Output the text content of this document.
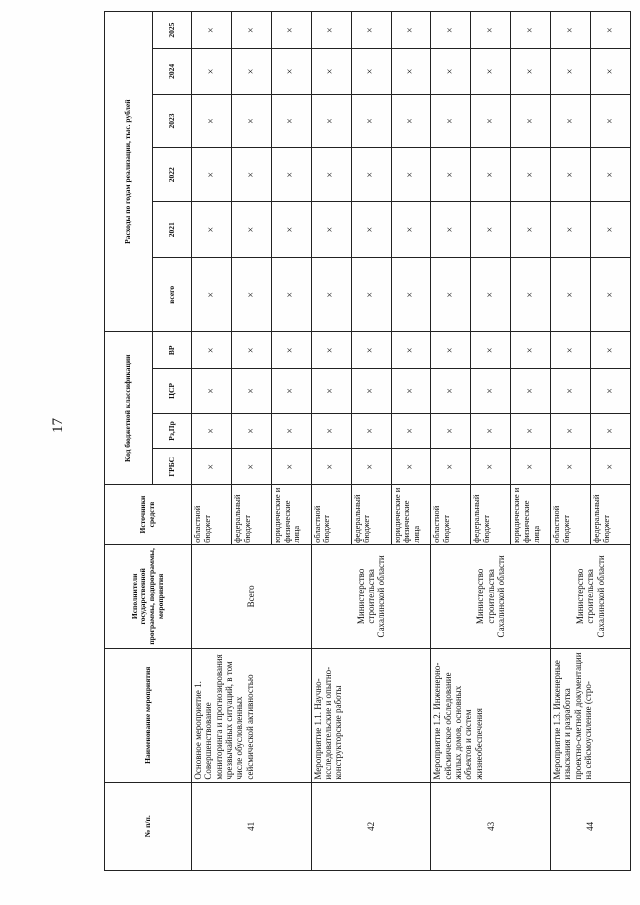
17
№ п/п.	Наименование мероприятия	Исполнители государственной программы, подпрограммы, мероприятия	Источники средств	Код бюджетной классификации				Расходы по годам реализации, тыс. рублей					
				ГРБС	Рз,Пр	ЦСР	ВР	всего	2021	2022	2023	2024	2025
41	Основное мероприятие 1. Совершенствование мониторинга и прогнозирования чрезвычайных ситуаций, в том числе обусловленных сейсмической активностью	Всего	областной бюджет	×	×	×	×	×	×	×	×	×	×
			федеральный бюджет	×	×	×	×	×	×	×	×	×	×
			юридические и физические лица	×	×	×	×	×	×	×	×	×	×
42	Мероприятие 1.1. Научно-исследовательские и опытно-конструкторские работы	Министерство строительства Сахалинской области	областной бюджет	×	×	×	×	×	×	×	×	×	×
			федеральный бюджет	×	×	×	×	×	×	×	×	×	×
			юридические и физические лица	×	×	×	×	×	×	×	×	×	×
43	Мероприятие 1.2. Инженерно-сейсмическое обследование жилых домов, основных объектов и систем жизнеобеспечения	Министерство строительства Сахалинской области	областной бюджет	×	×	×	×	×	×	×	×	×	×
			федеральный бюджет	×	×	×	×	×	×	×	×	×	×
			юридические и физические лица	×	×	×	×	×	×	×	×	×	×
44	Мероприятие 1.3. Инженерные изыскания и разработка проектно-сметной документации на сейсмоусиление (стро-	Министерство строительства Сахалинской области	областной бюджет	×	×	×	×	×	×	×	×	×	×
			федеральный бюджет	×	×	×	×	×	×	×	×	×	×
